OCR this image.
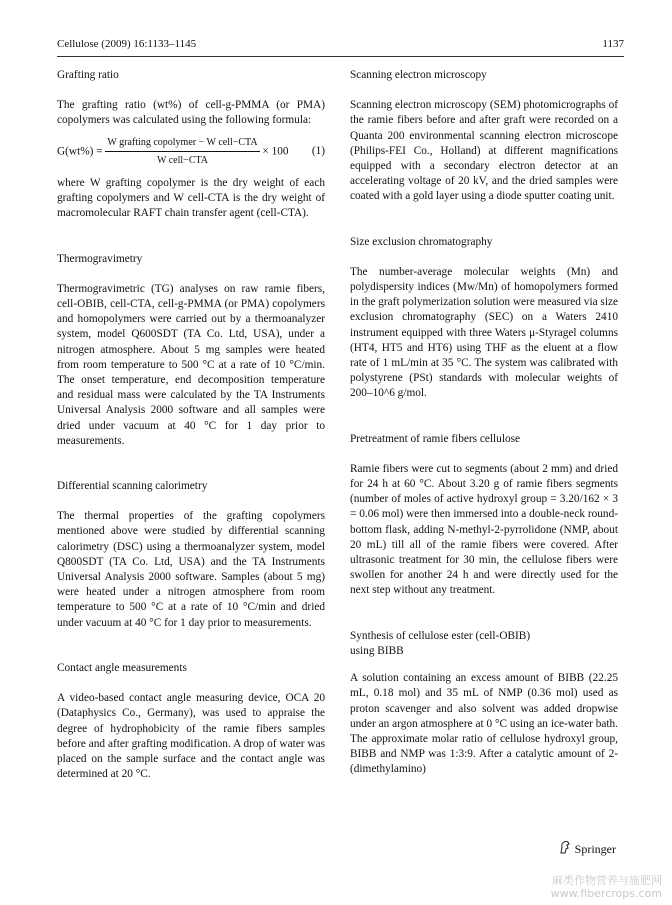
Cellulose (2009) 16:1133–1145	1137
Grafting ratio

The grafting ratio (wt%) of cell-g-PMMA (or PMA) copolymers was calculated using the following formula:

$G(wt\%) = \frac{\text{W grafting copolymer − W cell−CTA}}{\text{W cell−CTA}} \times 100$ (1)

where W grafting copolymer is the dry weight of each grafting copolymers and W cell-CTA is the dry weight of macromolecular RAFT chain transfer agent (cell-CTA).

Thermogravimetry

Thermogravimetric (TG) analyses on raw ramie fibers, cell-OBIB, cell-CTA, cell-g-PMMA (or PMA) copolymers and homopolymers were carried out by a thermoanalyzer system, model Q600SDT (TA Co. Ltd, USA), under a nitrogen atmosphere. About 5 mg samples were heated from room temperature to 500 °C at a rate of 10 °C/min. The onset temperature, end decomposition temperature and residual mass were calculated by the TA Instruments Universal Analysis 2000 software and all samples were dried under vacuum at 40 °C for 1 day prior to measurements.

Differential scanning calorimetry

The thermal properties of the grafting copolymers mentioned above were studied by differential scanning calorimetry (DSC) using a thermoanalyzer system, model Q800SDT (TA Co. Ltd, USA) and the TA Instruments Universal Analysis 2000 software. Samples (about 5 mg) were heated under a nitrogen atmosphere from room temperature to 500 °C at a rate of 10 °C/min and dried under vacuum at 40 °C for 1 day prior to measurements.

Contact angle measurements

A video-based contact angle measuring device, OCA 20 (Dataphysics Co., Germany), was used to appraise the degree of hydrophobicity of the ramie fibers samples before and after grafting modification. A drop of water was placed on the sample surface and the contact angle was determined at 20 °C.

Scanning electron microscopy

Scanning electron microscopy (SEM) photomicrographs of the ramie fibers before and after graft were recorded on a Quanta 200 environmental scanning electron microscope (Philips-FEI Co., Holland) at different magnifications equipped with a secondary electron detector at an accelerating voltage of 20 kV, and the dried samples were coated with a gold layer using a diode sputter coating unit.

Size exclusion chromatography

The number-average molecular weights (Mn) and polydispersity indices (Mw/Mn) of homopolymers formed in the graft polymerization solution were measured via size exclusion chromatography (SEC) on a Waters 2410 instrument equipped with three Waters μ-Styragel columns (HT4, HT5 and HT6) using THF as the eluent at a flow rate of 1 mL/min at 35 °C. The system was calibrated with polystyrene (PSt) standards with molecular weights of 200–10^6 g/mol.

Pretreatment of ramie fibers cellulose

Ramie fibers were cut to segments (about 2 mm) and dried for 24 h at 60 °C. About 3.20 g of ramie fibers segments (number of moles of active hydroxyl group = 3.20/162 × 3 = 0.06 mol) were then immersed into a double-neck round-bottom flask, adding N-methyl-2-pyrrolidone (NMP, about 20 mL) till all of the ramie fibers were covered. After ultrasonic treatment for 30 min, the cellulose fibers were swollen for another 24 h and were directly used for the next step without any treatment.

Synthesis of cellulose ester (cell-OBIB)
using BIBB

A solution containing an excess amount of BIBB (22.25 mL, 0.18 mol) and 35 mL of NMP (0.36 mol) used as proton scavenger and also solvent was added dropwise under an argon atmosphere at 0 °C using an ice-water bath. The approximate molar ratio of cellulose hydroxyl group, BIBB and NMP was 1:3:9. After a catalytic amount of 2-(dimethylamino)

Springer
麻类作物营养与施肥网
www.fibercrops.com
